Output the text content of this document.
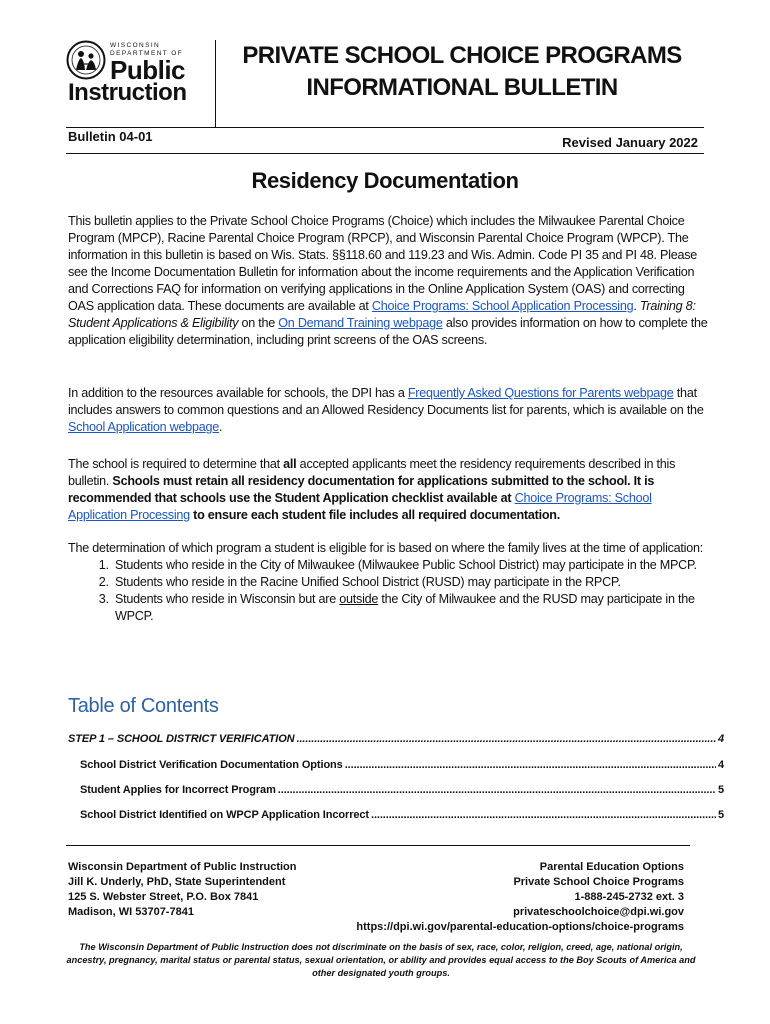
WISCONSIN
DEPARTMENT OF
Public
Instruction
PRIVATE SCHOOL CHOICE PROGRAMS
INFORMATIONAL BULLETIN
Bulletin 04-01	Revised January 2022
Residency Documentation
This bulletin applies to the Private School Choice Programs (Choice) which includes the Milwaukee Parental Choice Program (MPCP), Racine Parental Choice Program (RPCP), and Wisconsin Parental Choice Program (WPCP). The information in this bulletin is based on Wis. Stats. §§118.60 and 119.23 and Wis. Admin. Code PI 35 and PI 48. Please see the Income Documentation Bulletin for information about the income requirements and the Application Verification and Corrections FAQ for information on verifying applications in the Online Application System (OAS) and correcting OAS application data. These documents are available at Choice Programs: School Application Processing. Training 8: Student Applications & Eligibility on the On Demand Training webpage also provides information on how to complete the application eligibility determination, including print screens of the OAS screens.
In addition to the resources available for schools, the DPI has a Frequently Asked Questions for Parents webpage that includes answers to common questions and an Allowed Residency Documents list for parents, which is available on the School Application webpage.
The school is required to determine that all accepted applicants meet the residency requirements described in this bulletin. Schools must retain all residency documentation for applications submitted to the school. It is recommended that schools use the Student Application checklist available at Choice Programs: School Application Processing to ensure each student file includes all required documentation.
The determination of which program a student is eligible for is based on where the family lives at the time of application:
1. Students who reside in the City of Milwaukee (Milwaukee Public School District) may participate in the MPCP.
2. Students who reside in the Racine Unified School District (RUSD) may participate in the RPCP.
3. Students who reside in Wisconsin but are outside the City of Milwaukee and the RUSD may participate in the WPCP.
Table of Contents
STEP 1 – SCHOOL DISTRICT VERIFICATION .....	4
School District Verification Documentation Options .....	4
Student Applies for Incorrect Program .....	5
School District Identified on WPCP Application Incorrect .....	5
Wisconsin Department of Public Instruction
Jill K. Underly, PhD, State Superintendent
125 S. Webster Street, P.O. Box 7841
Madison, WI 53707-7841
Parental Education Options
Private School Choice Programs
1-888-245-2732 ext. 3
privateschoolchoice@dpi.wi.gov
https://dpi.wi.gov/parental-education-options/choice-programs
The Wisconsin Department of Public Instruction does not discriminate on the basis of sex, race, color, religion, creed, age, national origin, ancestry, pregnancy, marital status or parental status, sexual orientation, or ability and provides equal access to the Boy Scouts of America and other designated youth groups.
